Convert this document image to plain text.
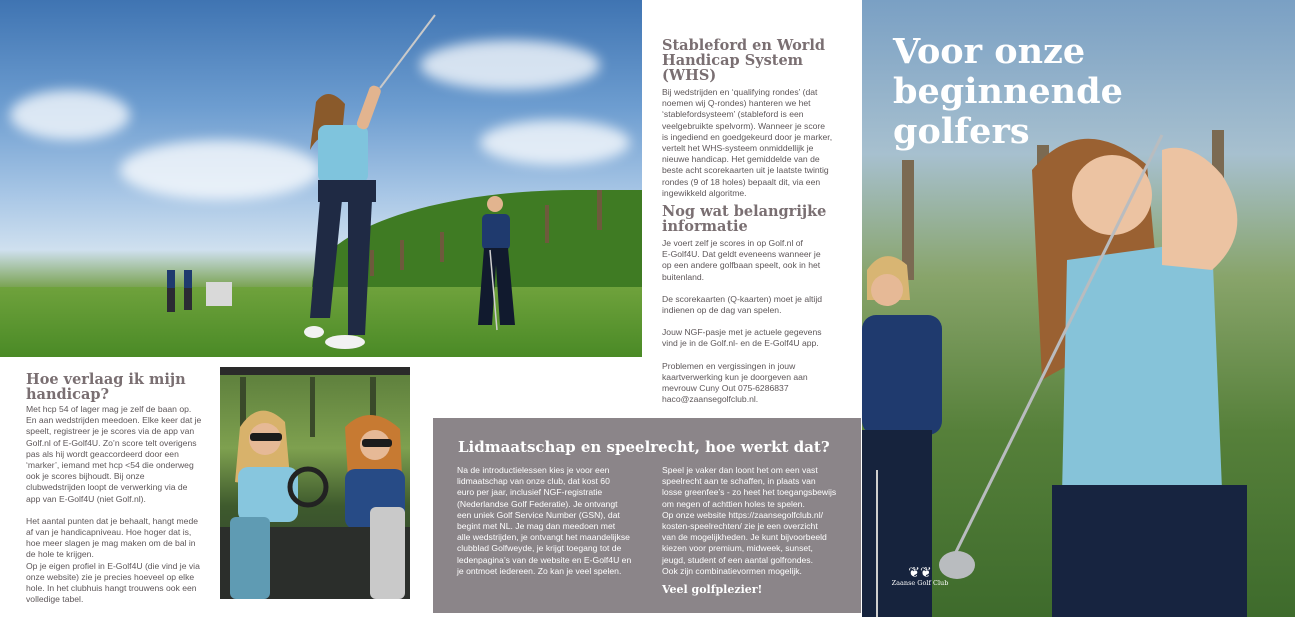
Stableford en World
Handicap System (WHS)
Bij wedstrijden en ‘qualifying rondes’ (dat
noemen wij Q-rondes) hanteren we het
‘stablefordsysteem’ (stableford is een
veelgebruikte spelvorm). Wanneer je score
is ingediend en goedgekeurd door je marker,
vertelt het WHS-systeem onmiddellijk je
nieuwe handicap. Het gemiddelde van de
beste acht scorekaarten uit je laatste twintig
rondes (9 of 18 holes) bepaalt dit, via een
ingewikkeld algoritme.
Nog wat belangrijke
informatie
Je voert zelf je scores in op Golf.nl of
E-Golf4U. Dat geldt eveneens wanneer je
op een andere golfbaan speelt, ook in het
buitenland.
De scorekaarten (Q-kaarten) moet je altijd
indienen op de dag van spelen.
Jouw NGF-pasje met je actuele gegevens
vind je in de Golf.nl- en de E-Golf4U app.
Problemen en vergissingen in jouw
kaartverwerking kun je doorgeven aan
mevrouw Cuny Out 075-6286837
haco@zaansegolfclub.nl.
Hoe verlaag ik mijn
handicap?
Met hcp 54 of lager mag je zelf de baan op.
En aan wedstrijden meedoen. Elke keer dat je
speelt, registreer je je scores via de app van
Golf.nl of E-Golf4U. Zo’n score telt overigens
pas als hij wordt geaccordeerd door een
‘marker’, iemand met hcp <54 die onderweg
ook je scores bijhoudt. Bij onze
clubwedstrijden loopt de verwerking via de
app van E-Golf4U (niet Golf.nl).
Het aantal punten dat je behaalt, hangt mede
af van je handicapniveau. Hoe hoger dat is,
hoe meer slagen je mag maken om de bal in
de hole te krijgen.
Op je eigen profiel in E-Golf4U (die vind je via
onze website) zie je precies hoeveel op elke
hole. In het clubhuis hangt trouwens ook een
volledige tabel.
Lidmaatschap en speelrecht, hoe werkt dat?
Na de introductielessen kies je voor een
lidmaatschap van onze club, dat kost 60
euro per jaar, inclusief NGF-registratie
(Nederlandse Golf Federatie). Je ontvangt
een uniek Golf Service Number (GSN), dat
begint met NL. Je mag dan meedoen met
alle wedstrijden, je ontvangt het maandelijkse
clubblad Golfweyde, je krijgt toegang tot de
ledenpagina’s van de website en E-Golf4U en
je ontmoet iedereen. Zo kan je veel spelen.
Speel je vaker dan loont het om een vast
speelrecht aan te schaffen, in plaats van
losse greenfee’s - zo heet het toegangsbewijs
om negen of achttien holes te spelen.
Op onze website https://zaansegolfclub.nl/
kosten-speelrechten/ zie je een overzicht
van de mogelijkheden. Je kunt bijvoorbeeld
kiezen voor premium, midweek, sunset,
jeugd, student of een aantal golfrondes.
Ook zijn combinatievormen mogelijk.
Veel golfplezier!
❦❦
Zaanse Golf Club
Voor onze
beginnende
golfers
